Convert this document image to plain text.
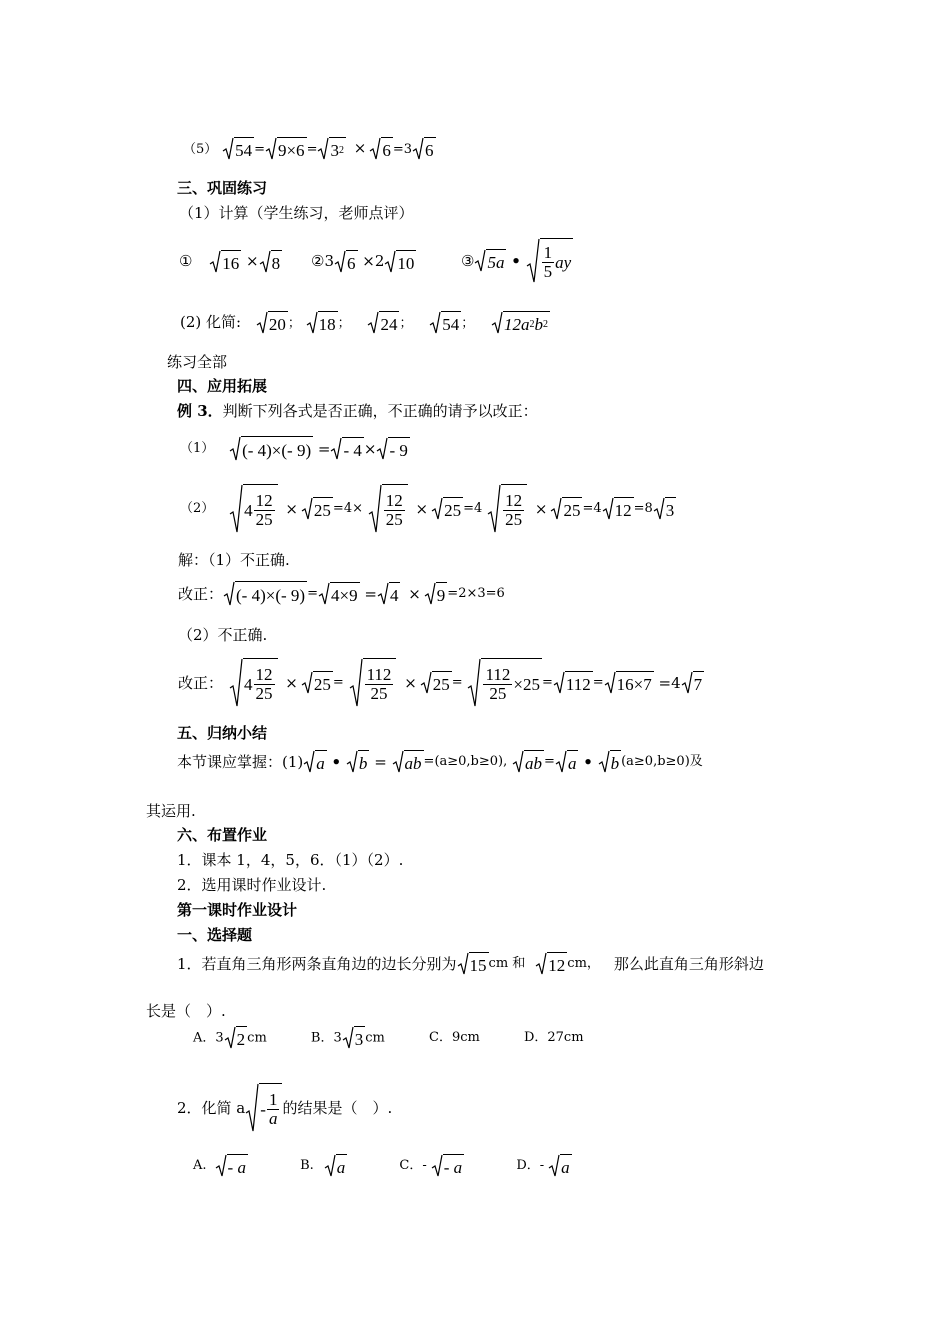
（5） 54 = 9×6 = 3 2 × 6 =3 6
三、巩固练习
（1）计算（学生练习，老师点评）
① 16 × 8 ②3 6 ×2 10	③ 5a • $\frac{1}{5}$ ay
(2) 化简: 20 ； 18 ； 24 ； 54 ； 12a 2 b 2
练习全部
四、应用拓展
例 3．判断下列各式是否正确，不正确的请予以改正：
（1） (- 4)×(- 9) = - 4 × - 9
（2） $4 \frac{12}{25} \times 25 =4\times \frac{12}{25} \times 25 =4 \frac{12}{25} \times 25 =4$ 12 =8 3
解：（1）不正确.
改正： (- 4)×(- 9) = 4×9 = 4 × 9 =2×3=6
（2）不正确.
改正： $4 \frac{12}{25} \times 25 = \frac{112}{25} \times 25 = \frac{112}{25} \times 25 = 112 = 16\times 7 =4$ 7
五、归纳小结
本节课应掌握：(1) a • b = ab =(a≥0,b≥0), ab = a • b (a≥0,b≥0)及
其运用.
六、布置作业
1．课本 1，4，5，6．（1）（2）.
2．选用课时作业设计.
第一课时作业设计
一、选择题
1．若直角三角形两条直角边的边长分别为 15 cm 和 12 cm， 那么此直角三角形斜边
长是（　）.
A．3 2 cm	B．3 3 cm	C．9cm	D．27cm
2．化简 a - $\frac{1}{a}$ 的结果是（　）.
A. - a	B. a	C．- - a	D．- a
